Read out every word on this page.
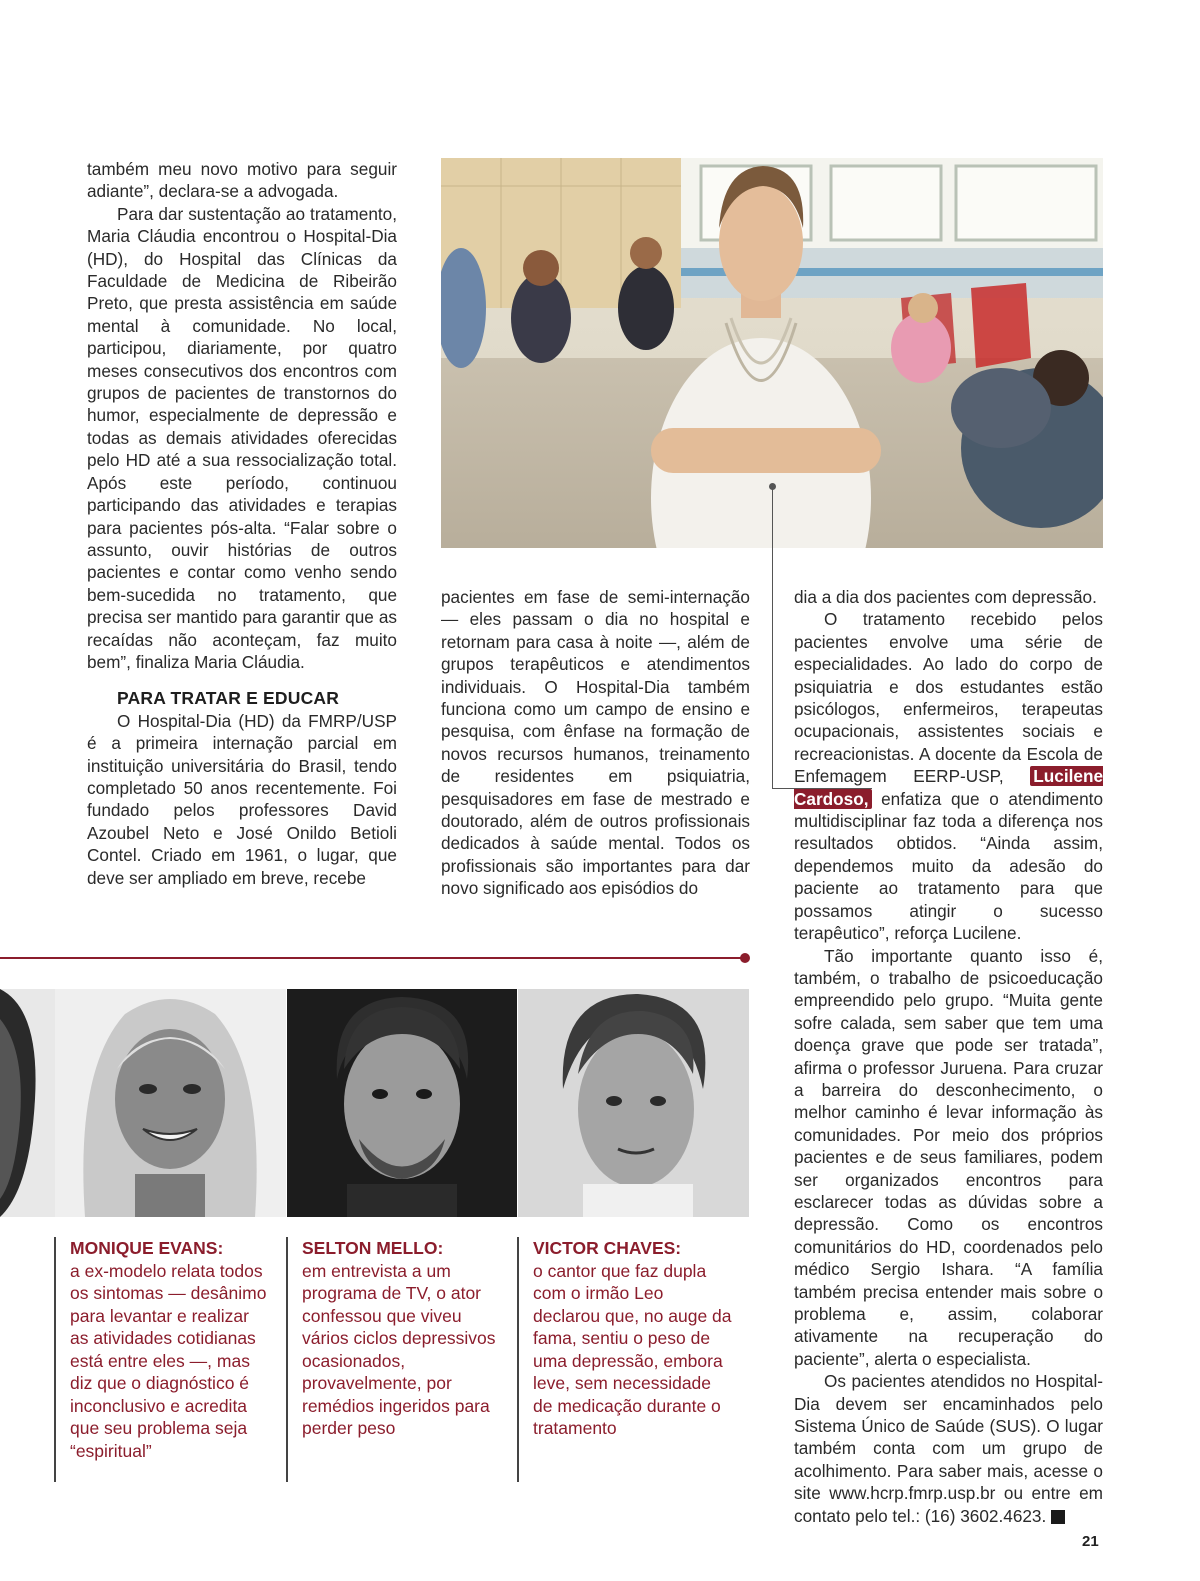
também meu novo motivo para seguir adiante”, declara-se a advogada.

Para dar sustentação ao tratamento, Maria Cláudia encontrou o Hospital-Dia (HD), do Hospital das Clínicas da Faculdade de Medicina de Ribeirão Preto, que presta assistência em saúde mental à comunidade. No local, participou, diariamente, por quatro meses consecutivos dos encontros com grupos de pacientes de transtornos do humor, especialmente de depressão e todas as demais atividades oferecidas pelo HD até a sua ressocialização total. Após este período, continuou participando das atividades e terapias para pacientes pós-alta. “Falar sobre o assunto, ouvir histórias de outros pacientes e contar como venho sendo bem-sucedida no tratamento, que precisa ser mantido para garantir que as recaídas não aconteçam, faz muito bem”, finaliza Maria Cláudia.

PARA TRATAR E EDUCAR

O Hospital-Dia (HD) da FMRP/USP é a primeira internação parcial em instituição universitária do Brasil, tendo completado 50 anos recentemente. Foi fundado pelos professores David Azoubel Neto e José Onildo Betioli Contel. Criado em 1961, o lugar, que deve ser ampliado em breve, recebe

pacientes em fase de semi-internação — eles passam o dia no hospital e retornam para casa à noite —, além de grupos terapêuticos e atendimentos individuais. O Hospital-Dia também funciona como um campo de ensino e pesquisa, com ênfase na formação de novos recursos humanos, treinamento de residentes em psiquiatria, pesquisadores em fase de mestrado e doutorado, além de outros profissionais dedicados à saúde mental. Todos os profissionais são importantes para dar novo significado aos episódios do

dia a dia dos pacientes com depressão.

O tratamento recebido pelos pacientes envolve uma série de especialidades. Ao lado do corpo de psiquiatria e dos estudantes estão psicólogos, enfermeiros, terapeutas ocupacionais, assistentes sociais e recreacionistas. A docente da Escola de Enfemagem EERP-USP, Lucilene Cardoso, enfatiza que o atendimento multidisciplinar faz toda a diferença nos resultados obtidos. “Ainda assim, dependemos muito da adesão do paciente ao tratamento para que possamos atingir o sucesso terapêutico”, reforça Lucilene.

Tão importante quanto isso é, também, o trabalho de psicoeducação empreendido pelo grupo. “Muita gente sofre calada, sem saber que tem uma doença grave que pode ser tratada”, afirma o professor Juruena. Para cruzar a barreira do desconhecimento, o melhor caminho é levar informação às comunidades. Por meio dos próprios pacientes e de seus familiares, podem ser organizados encontros para esclarecer todas as dúvidas sobre a depressão. Como os encontros comunitários do HD, coordenados pelo médico Sergio Ishara. “A família também precisa entender mais sobre o problema e, assim, colaborar ativamente na recuperação do paciente”, alerta o especialista.

Os pacientes atendidos no Hospital-Dia devem ser encaminhados pelo Sistema Único de Saúde (SUS). O lugar também conta com um grupo de acolhimento. Para saber mais, acesse o site www.hcrp.fmrp.usp.br ou entre em contato pelo tel.: (16) 3602.4623.	r

MONIQUE EVANS:
a ex-modelo relata todos os sintomas — desânimo para levantar e realizar as atividades cotidianas está entre eles —, mas diz que o diagnóstico é inconclusivo e acredita que seu problema seja “espiritual”
SELTON MELLO:
em entrevista a um programa de TV, o ator confessou que viveu vários ciclos depressivos ocasionados, provavelmente, por remédios ingeridos para perder peso
VICTOR CHAVES:
o cantor que faz dupla com o irmão Leo declarou que, no auge da fama, sentiu o peso de uma depressão, embora leve, sem necessidade de medicação durante o tratamento
21
